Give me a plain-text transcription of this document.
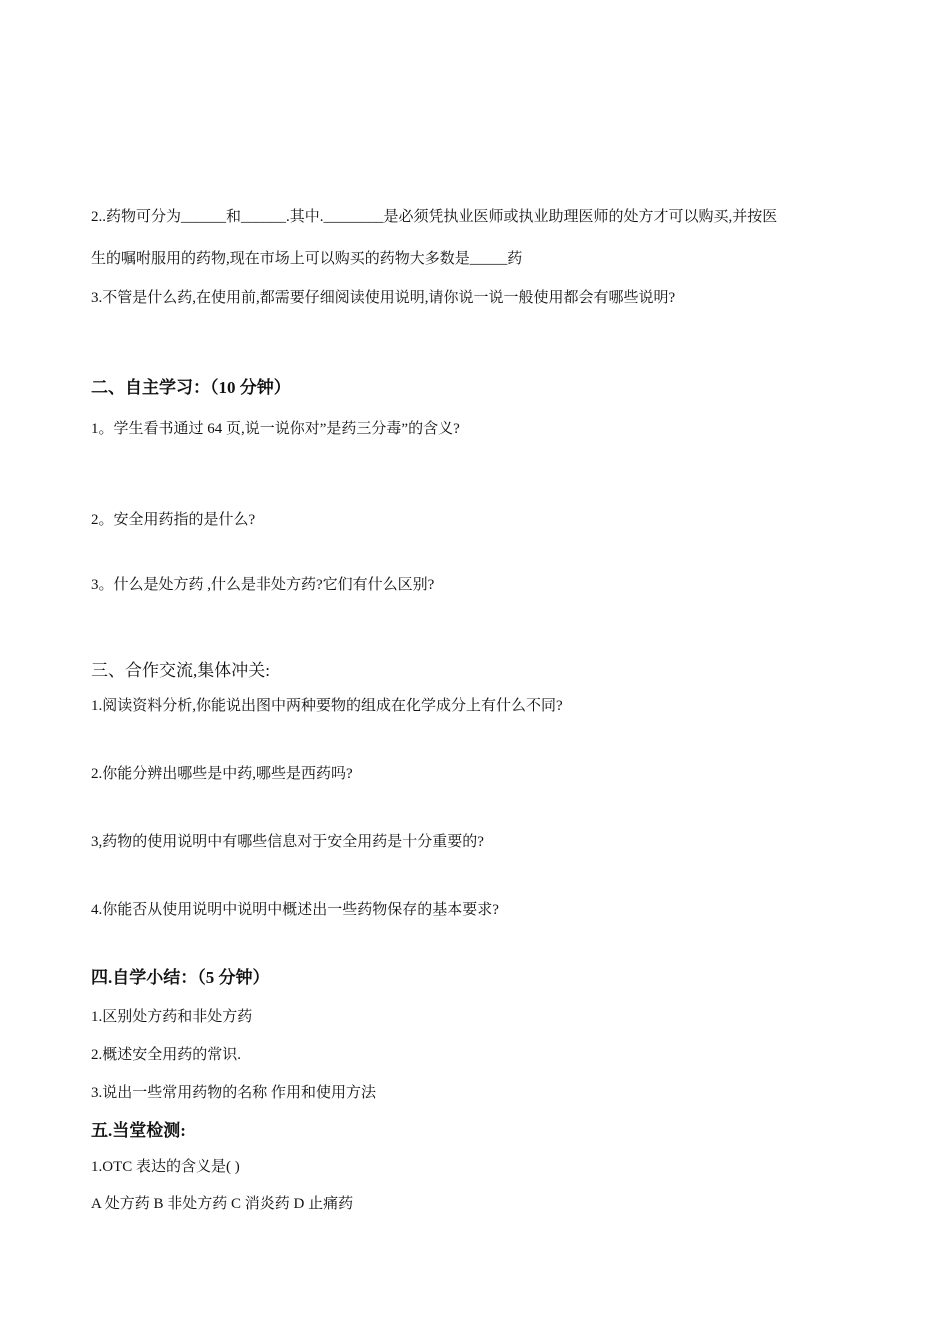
2..药物可分为______和______.其中.________是必须凭执业医师或执业助理医师的处方才可以购买,并按医
生的嘱咐服用的药物,现在市场上可以购买的药物大多数是_____药
3.不管是什么药,在使用前,都需要仔细阅读使用说明,请你说一说一般使用都会有哪些说明?
二、自主学习：（10 分钟）
1。学生看书通过 64 页,说一说你对”是药三分毒”的含义?
2。安全用药指的是什么?
3。什么是处方药 ,什么是非处方药?它们有什么区别?
三、合作交流,集体冲关:
1.阅读资料分析,你能说出图中两种要物的组成在化学成分上有什么不同?
2.你能分辨出哪些是中药,哪些是西药吗?
3,药物的使用说明中有哪些信息对于安全用药是十分重要的?
4.你能否从使用说明中说明中概述出一些药物保存的基本要求?
四.自学小结：（5 分钟）
1.区别处方药和非处方药
2.概述安全用药的常识.
3.说出一些常用药物的名称 作用和使用方法
五.当堂检测:
1.OTC 表达的含义是( )
A 处方药 B 非处方药 C 消炎药 D 止痛药
